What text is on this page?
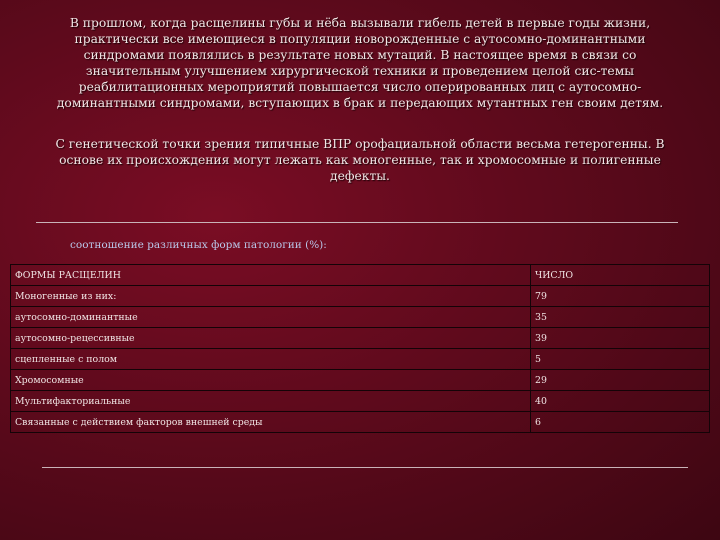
В прошлом, когда расщелины губы и нёба вызывали гибель детей в первые годы жизни, практически все имеющиеся в популяции новорожденные с аутосомно-доминантными синдромами появлялись в результате новых мутаций. В настоящее время в связи со значительным улучшением хирургической техники и проведением целой сис-темы реабилитационных мероприятий повышается число оперированных лиц с аутосомно-доминантными синдромами, вступающих в брак и передающих мутантных ген своим детям.
С генетической точки зрения типичные ВПР орофациальной области весьма гетерогенны. В основе их происхождения могут лежать как моногенные, так и хромосомные и полигенные дефекты.
соотношение различных форм патологии (%):
ФОРМЫ РАСЩЕЛИН	ЧИСЛО
Моногенные из них:	79
аутосомно-доминантные	35
аутосомно-рецессивные	39
сцепленные с полом	5
Хромосомные	29
Мультифакториальные	40
Связанные с действием факторов внешней среды	6
